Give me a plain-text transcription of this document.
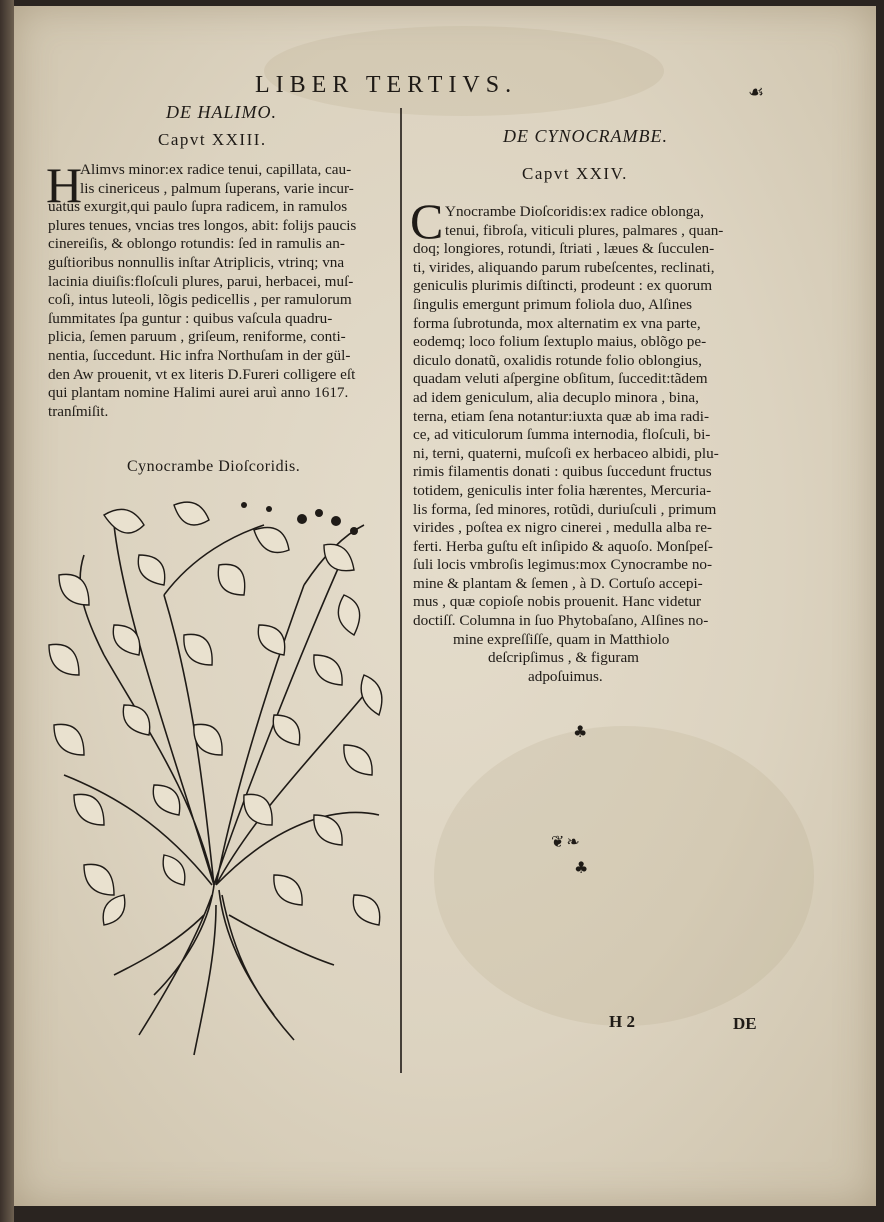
LIBER TERTIVS.	☙
DE HALIMO.
Capvt XXIII.
H
Alimvs minor:ex radice tenui, capillata, cau-
lis cinericeus , palmum ſuperans, varie incur-
uatus exurgit,qui paulo ſupra radicem, in ramulos
plures tenues, vncias tres longos, abit: folijs paucis
cinereiſis, & oblongo rotundis: ſed in ramulis an-
guſtioribus nonnullis inſtar Atriplicis, vtrinq; vna
lacinia diuiſis:floſculi plures, parui, herbacei, muſ-
coſi, intus luteoli, lõgis pedicellis , per ramulorum
ſummitates ſpa guntur : quibus vaſcula quadru-
plicia, ſemen paruum , griſeum, reniforme, conti-
nentia, ſuccedunt. Hic infra Northuſam in der gül-
den Aw prouenit, vt ex literis D.Fureri colligere eſt
qui plantam nomine Halimi aurei aruì anno 1617.
tranſmiſit.
Cynocrambe Dioſcoridis.
DE CYNOCRAMBE.
Capvt XXIV.
C Ynocrambe Dioſcoridis:ex radice oblonga,
tenui, fibroſa, viticuli plures, palmares , quan-
doq; longiores, rotundi, ſtriati , læues & ſucculen-
ti, virides, aliquando parum rubeſcentes, reclinati,
geniculis plurimis diſtincti, prodeunt : ex quorum
ſingulis emergunt primum foliola duo, Alſines
forma ſubrotunda, mox alternatim ex vna parte,
eodemq; loco folium ſextuplo maius, oblõgo pe-
diculo donatũ, oxalidis rotunde folio oblongius,
quadam veluti aſpergine obſitum, ſuccedit:tãdem
ad idem geniculum, alia decuplo minora , bina,
terna, etiam ſena notantur:iuxta quæ ab ima radi-
ce, ad viticulorum ſumma internodia, floſculi, bi-
ni, terni, quaterni, muſcoſi ex herbaceo albidi, plu-
rimis filamentis donati : quibus ſuccedunt fructus
totidem, geniculis inter folia hærentes, Mercuria-
lis forma, ſed minores, rotũdi, duriuſculi , primum
virides , poſtea ex nigro cinerei , medulla alba re-
ferti. Herba guſtu eſt inſipido & aquoſo. Monſpeſ-
ſuli locis vmbroſis legimus:mox Cynocrambe no-
mine & plantam & ſemen , à D. Cortuſo accepi-
mus , quæ copioſe nobis prouenit. Hanc videtur
doctiſſ. Columna in ſuo Phytobaſano, Alſines no-
mine expreſſiſſe, quam in Matthiolo
deſcripſimus , & figuram
adpoſuimus.
♣
❦❧
♣
H 2	DE
